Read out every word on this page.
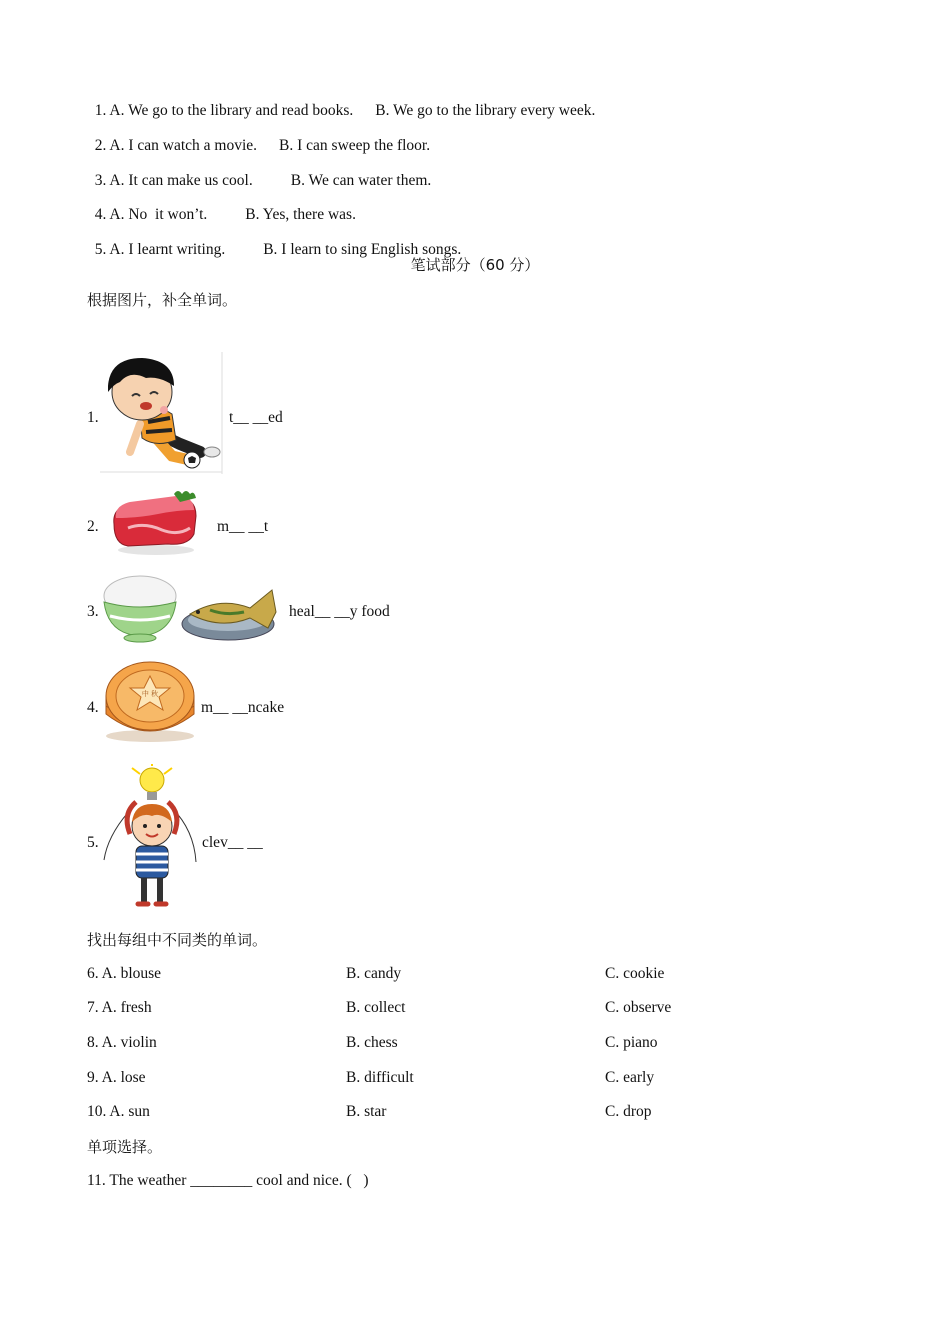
1. A. We go to the library and read books. B. We go to the library every week.

2. A. I can watch a movie. B. I can sweep the floor.

3. A. It can make us cool. B. We can water them.

4. A. No  it won’t. B. Yes, there was.

5. A. I learnt writing. B. I learn to sing English songs.

笔试部分（60 分）
根据图片，补全单词。
1.	t__ __ed
2.	m__ __t
3.	heal__ __y food
4.
中 秋
m__ __ncake
5.	clev__ __
找出每组中不同类的单词。
6. A. blouse	B. candy	C. cookie
7. A. fresh	B. collect	C. observe
8. A. violin	B. chess	C. piano
9. A. lose	B. difficult	C. early
10. A. sun	B. star	C. drop
单项选择。
11. The weather ________ cool and nice. (   )
